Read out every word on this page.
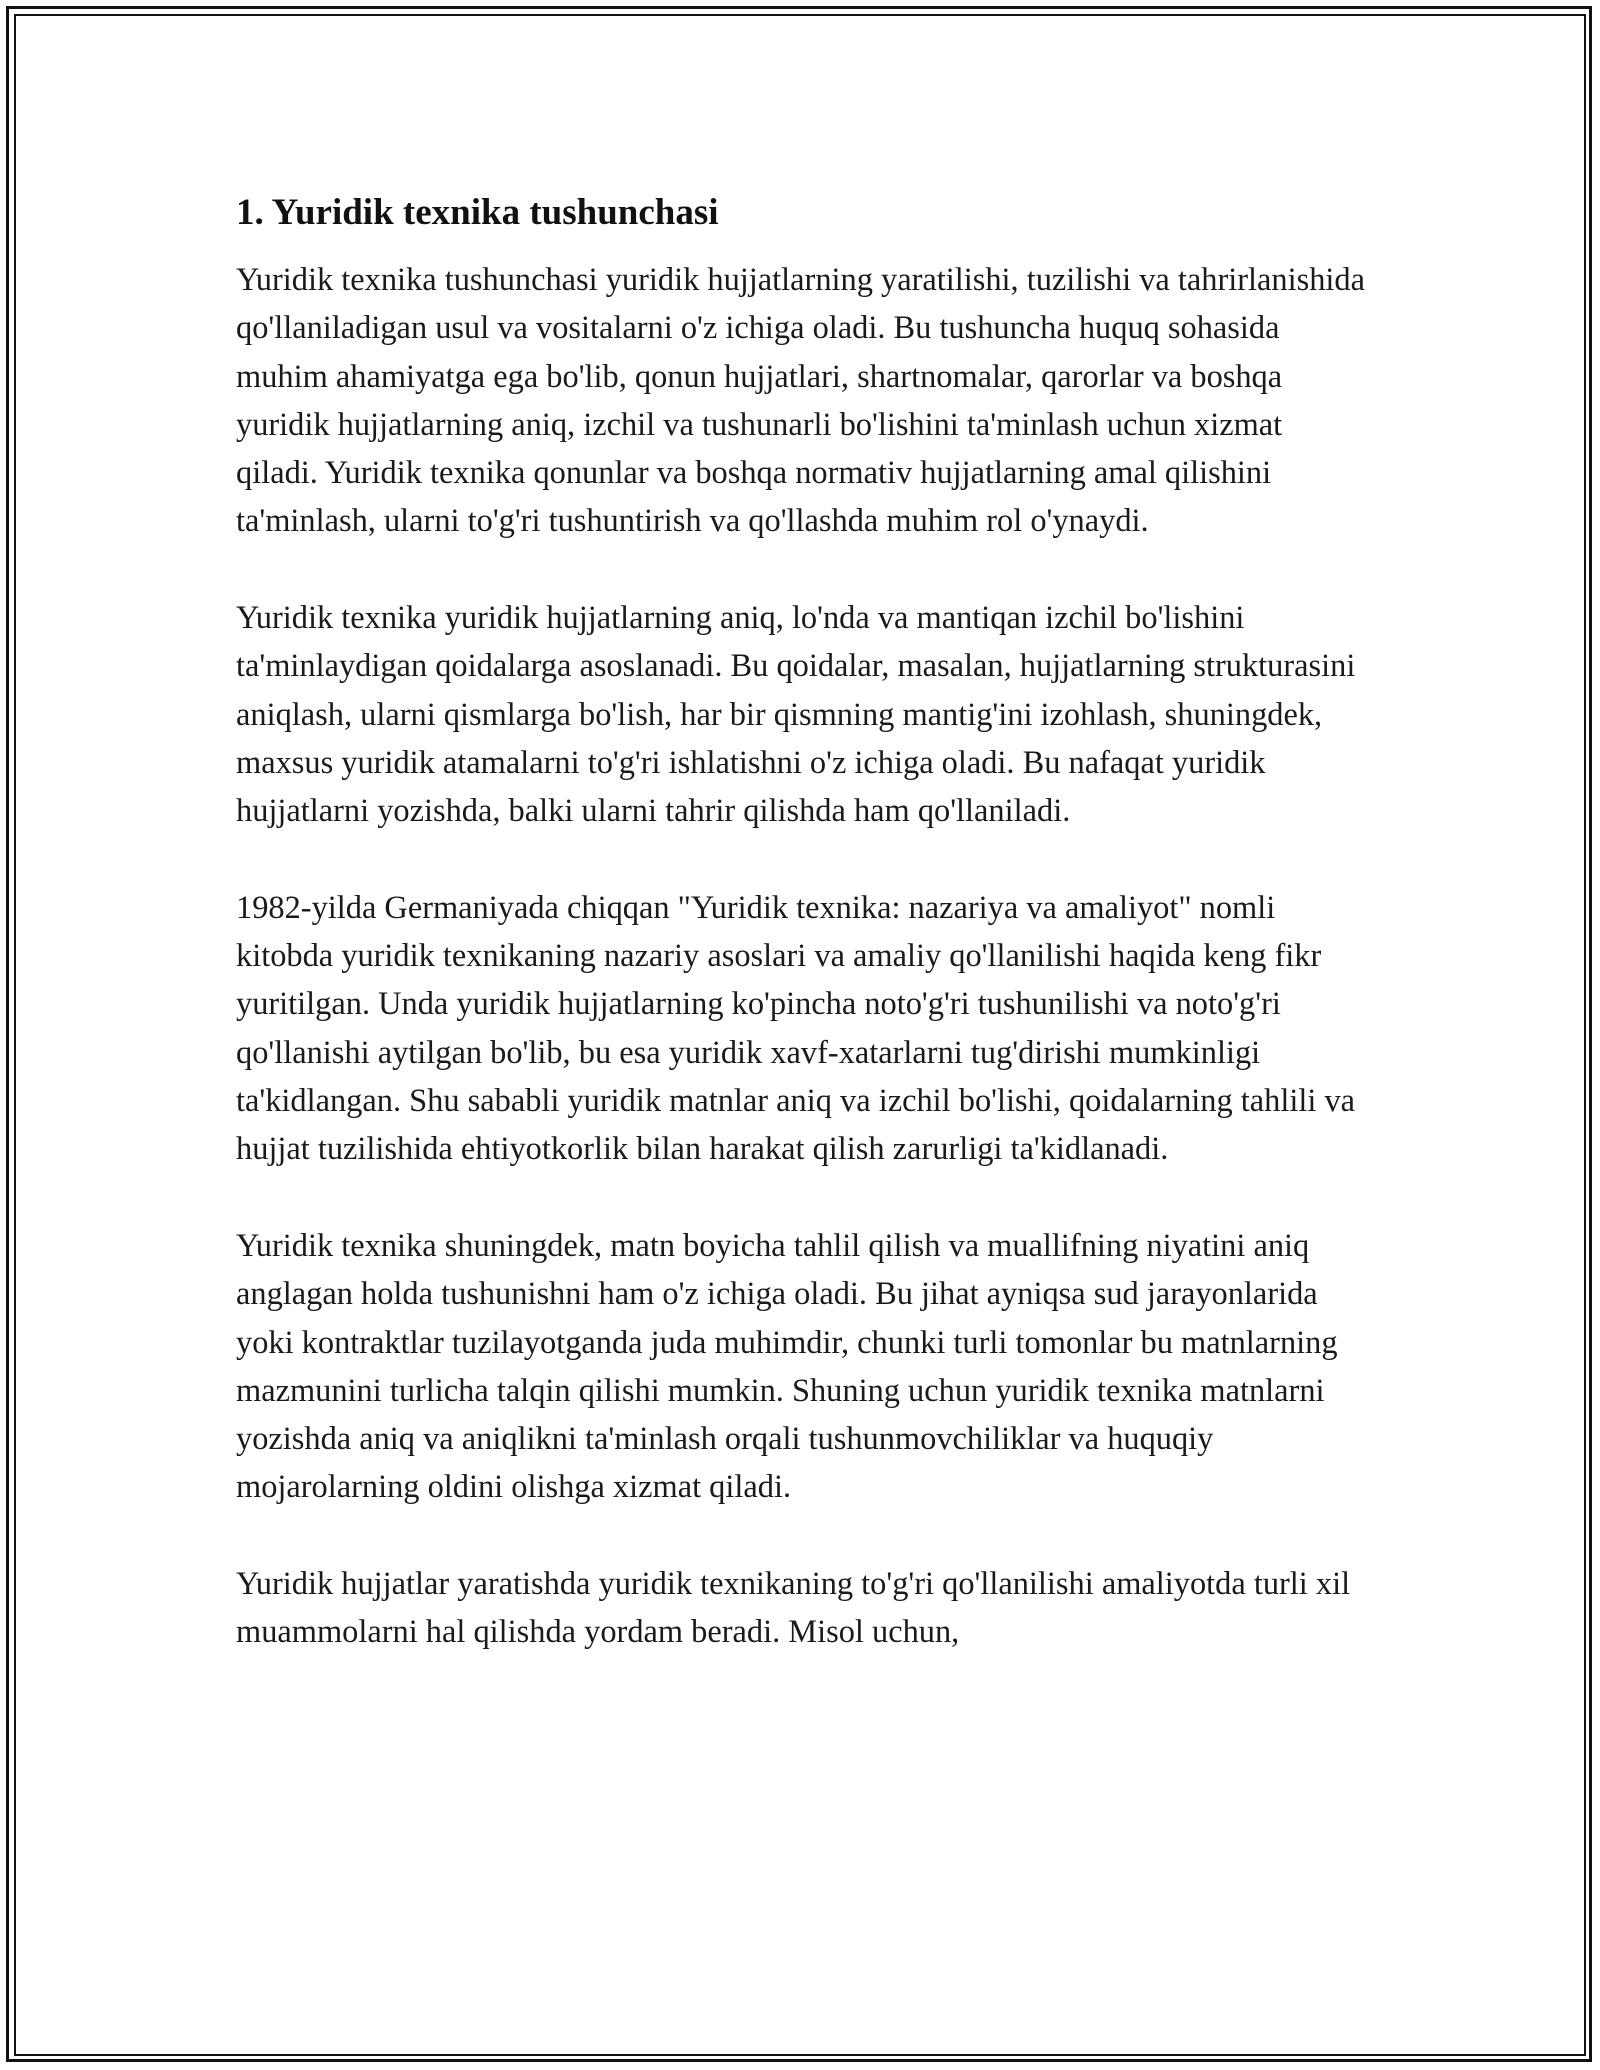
1. Yuridik texnika tushunchasi

Yuridik texnika tushunchasi yuridik hujjatlarning yaratilishi, tuzilishi va tahrirlanishida qo'llaniladigan usul va vositalarni o'z ichiga oladi. Bu tushuncha huquq sohasida muhim ahamiyatga ega bo'lib, qonun hujjatlari, shartnomalar, qarorlar va boshqa yuridik hujjatlarning aniq, izchil va tushunarli bo'lishini ta'minlash uchun xizmat qiladi. Yuridik texnika qonunlar va boshqa normativ hujjatlarning amal qilishini ta'minlash, ularni to'g'ri tushuntirish va qo'llashda muhim rol o'ynaydi.

Yuridik texnika yuridik hujjatlarning aniq, lo'nda va mantiqan izchil bo'lishini ta'minlaydigan qoidalarga asoslanadi. Bu qoidalar, masalan, hujjatlarning strukturasini aniqlash, ularni qismlarga bo'lish, har bir qismning mantig'ini izohlash, shuningdek, maxsus yuridik atamalarni to'g'ri ishlatishni o'z ichiga oladi. Bu nafaqat yuridik hujjatlarni yozishda, balki ularni tahrir qilishda ham qo'llaniladi.

1982-yilda Germaniyada chiqqan "Yuridik texnika: nazariya va amaliyot" nomli kitobda yuridik texnikaning nazariy asoslari va amaliy qo'llanilishi haqida keng fikr yuritilgan. Unda yuridik hujjatlarning ko'pincha noto'g'ri tushunilishi va noto'g'ri qo'llanishi aytilgan bo'lib, bu esa yuridik xavf-xatarlarni tug'dirishi mumkinligi ta'kidlangan. Shu sababli yuridik matnlar aniq va izchil bo'lishi, qoidalarning tahlili va hujjat tuzilishida ehtiyotkorlik bilan harakat qilish zarurligi ta'kidlanadi.

Yuridik texnika shuningdek, matn boyicha tahlil qilish va muallifning niyatini aniq anglagan holda tushunishni ham o'z ichiga oladi. Bu jihat ayniqsa sud jarayonlarida yoki kontraktlar tuzilayotganda juda muhimdir, chunki turli tomonlar bu matnlarning mazmunini turlicha talqin qilishi mumkin. Shuning uchun yuridik texnika matnlarni yozishda aniq va aniqlikni ta'minlash orqali tushunmovchiliklar va huquqiy mojarolarning oldini olishga xizmat qiladi.

Yuridik hujjatlar yaratishda yuridik texnikaning to'g'ri qo'llanilishi amaliyotda turli xil muammolarni hal qilishda yordam beradi. Misol uchun,
